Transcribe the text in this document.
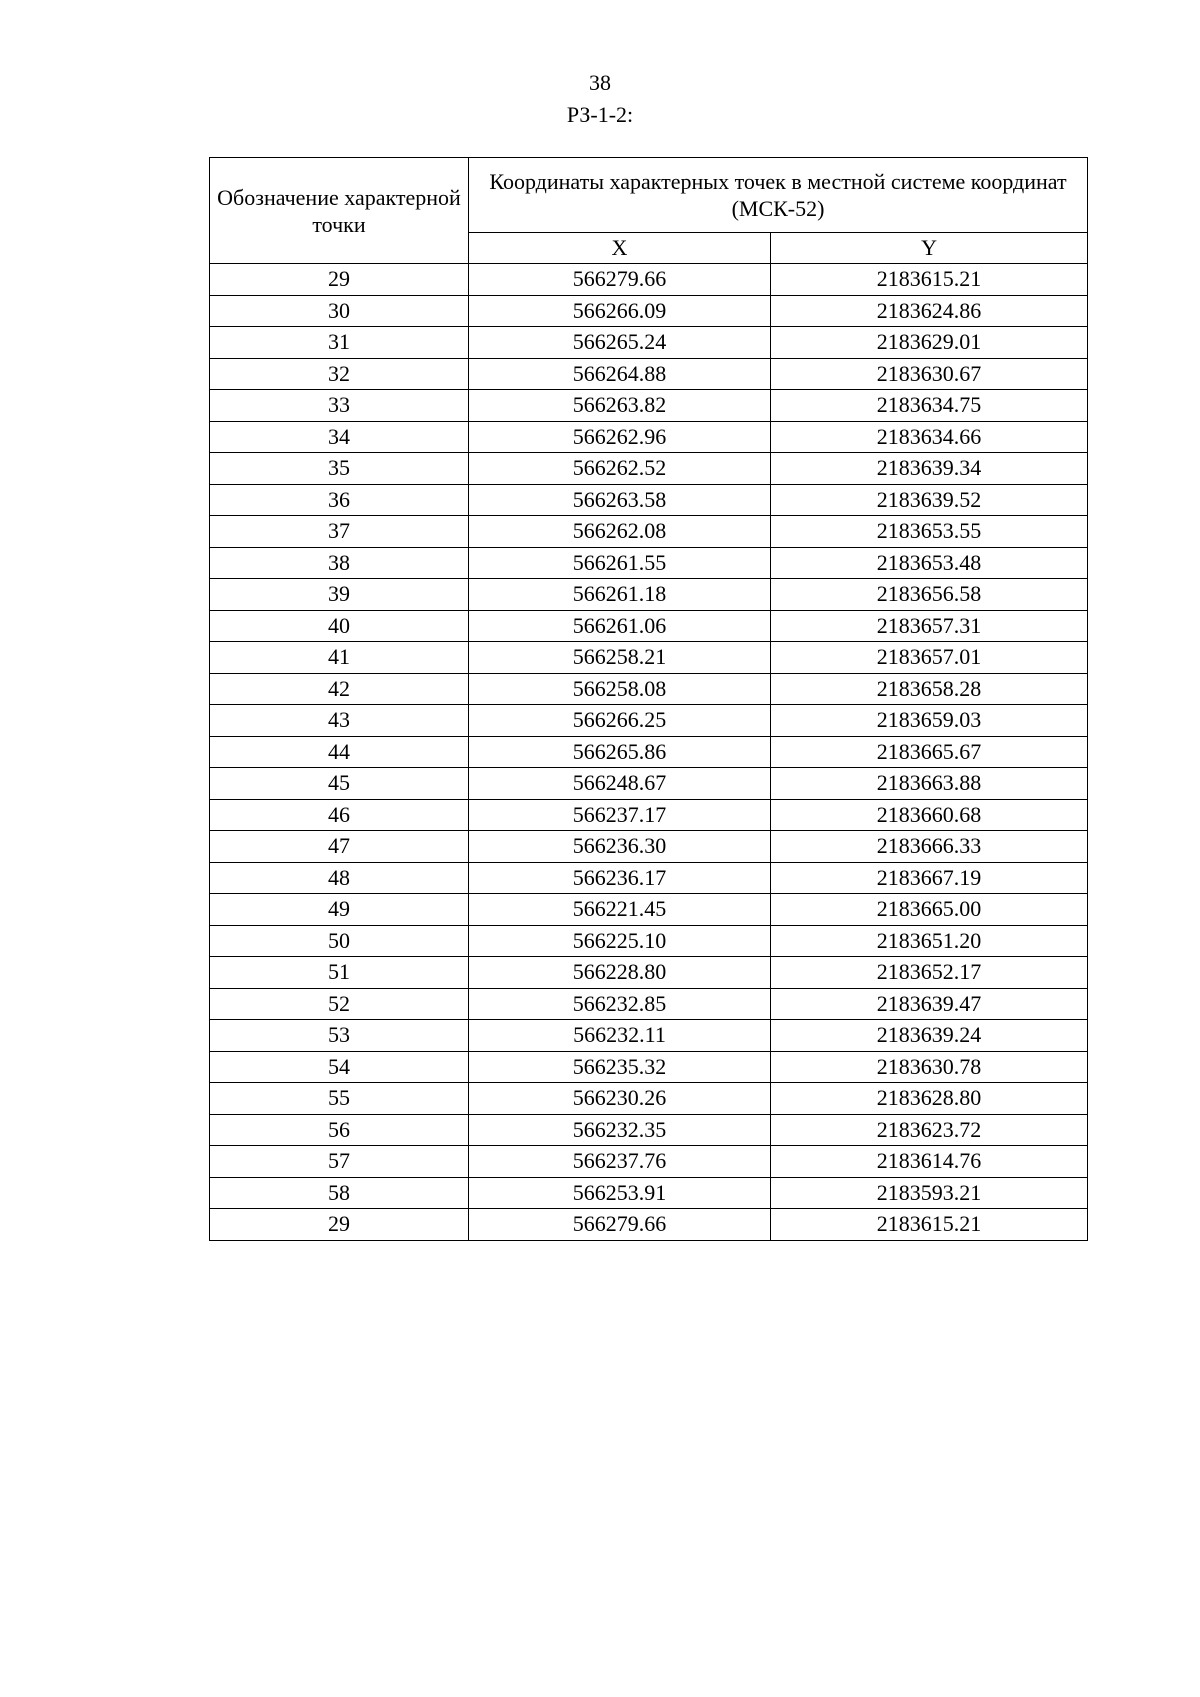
38
РЗ-1-2:
Обозначение характерной точки	Координаты характерных точек в местной системе координат (МСК-52)	
	X	Y
29	566279.66	2183615.21
30	566266.09	2183624.86
31	566265.24	2183629.01
32	566264.88	2183630.67
33	566263.82	2183634.75
34	566262.96	2183634.66
35	566262.52	2183639.34
36	566263.58	2183639.52
37	566262.08	2183653.55
38	566261.55	2183653.48
39	566261.18	2183656.58
40	566261.06	2183657.31
41	566258.21	2183657.01
42	566258.08	2183658.28
43	566266.25	2183659.03
44	566265.86	2183665.67
45	566248.67	2183663.88
46	566237.17	2183660.68
47	566236.30	2183666.33
48	566236.17	2183667.19
49	566221.45	2183665.00
50	566225.10	2183651.20
51	566228.80	2183652.17
52	566232.85	2183639.47
53	566232.11	2183639.24
54	566235.32	2183630.78
55	566230.26	2183628.80
56	566232.35	2183623.72
57	566237.76	2183614.76
58	566253.91	2183593.21
29	566279.66	2183615.21
